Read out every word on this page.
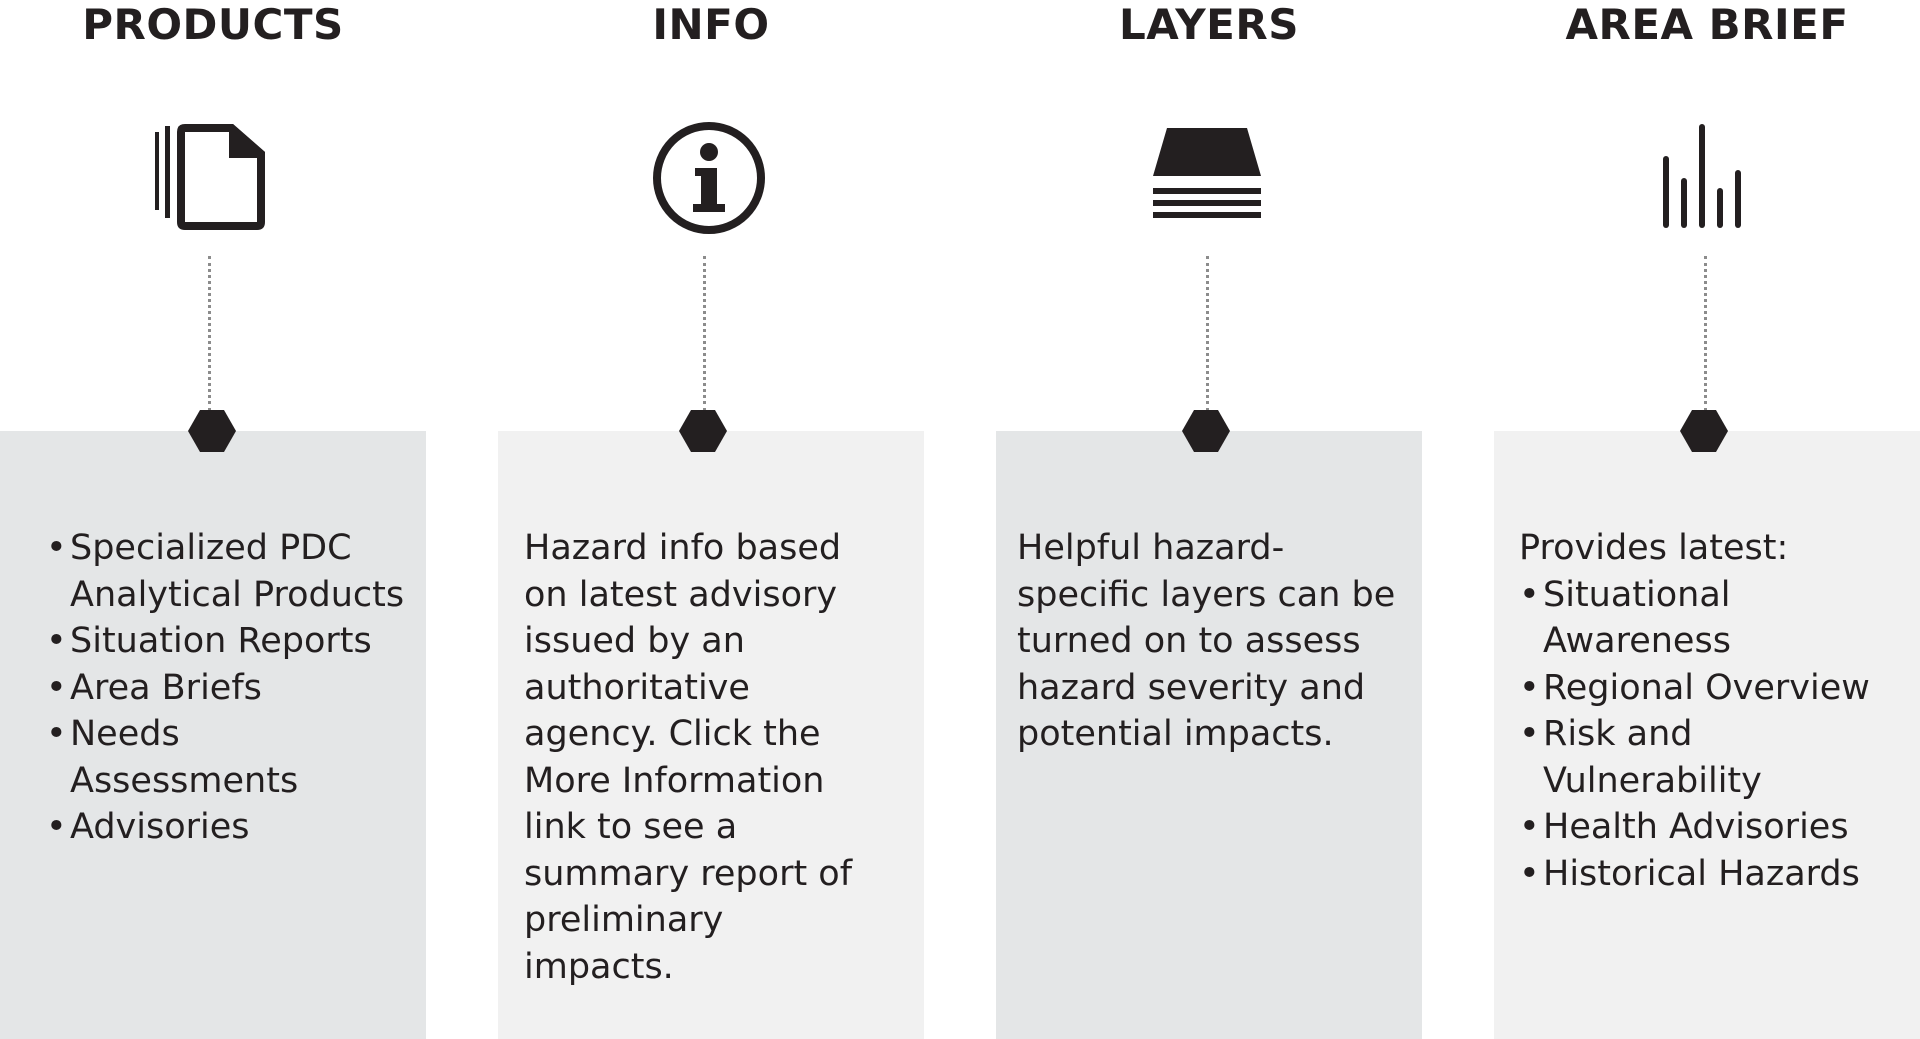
PRODUCTS
• Specialized PDC Analytical Products
• Situation Reports
• Area Briefs
• Needs Assessments
• Advisories
INFO

Hazard info based on latest advisory issued by an authoritative agency. Click the More Information link to see a summary report of preliminary impacts.

LAYERS

Helpful hazard-specific layers can be turned on to assess hazard severity and potential impacts.

AREA BRIEF

Provides latest:

• Situational Awareness
• Regional Overview
• Risk and Vulnerability
• Health Advisories
• Historical Hazards
